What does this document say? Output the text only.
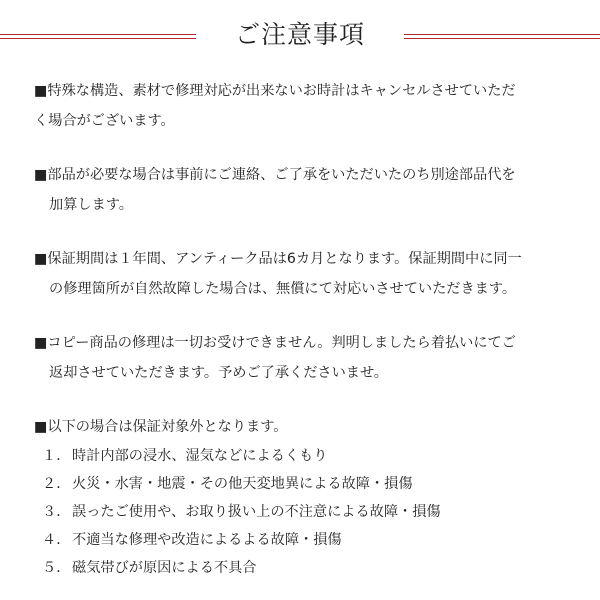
ご注意事項

■特殊な構造、素材で修理対応が出来ないお時計はキャンセルさせていただ

く場合がございます。

■部品が必要な場合は事前にご連絡、ご了承をいただいたのち別途部品代を

加算します。

■保証期間は１年間、アンティーク品は6カ月となります。保証期間中に同一

の修理箇所が自然故障した場合は、無償にて対応いさせていただきます。

■コピー商品の修理は一切お受けできません。判明しましたら着払いにてご

返却させていただきます。予めご了承くださいませ。

■以下の場合は保証対象外となります。

１． 時計内部の浸水、湿気などによるくもり
２． 火災・水害・地震・その他天変地異による故障・損傷
３． 誤ったご使用や、お取り扱い上の不注意による故障・損傷
４． 不適当な修理や改造によるよる故障・損傷
５． 磁気帯びが原因による不具合
